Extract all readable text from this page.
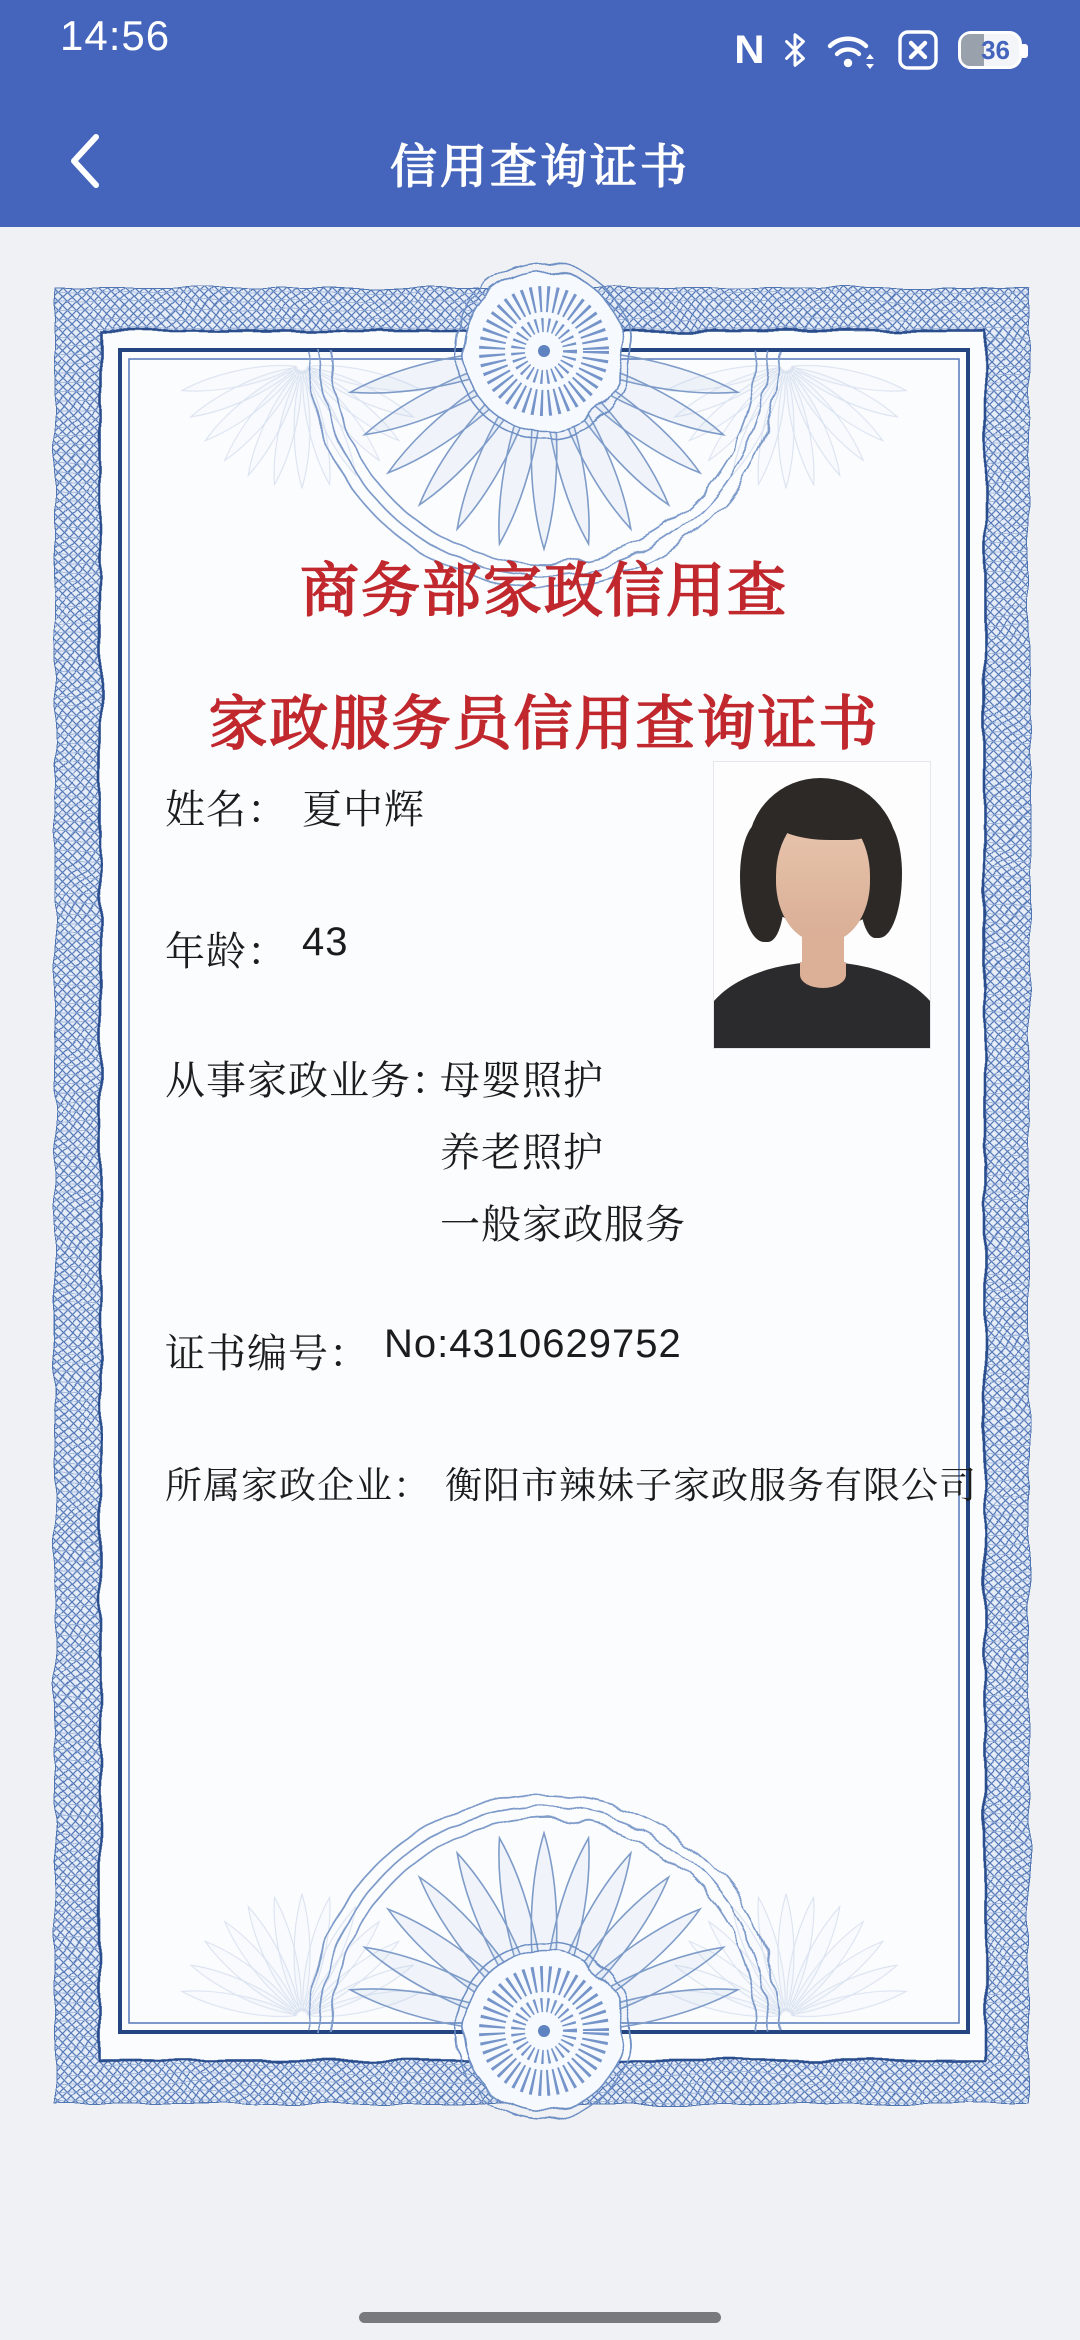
商务部家政信用查
家政服务员信用查询证书
姓名： 夏中辉
年龄： 43
从事家政业务：
母婴照护
养老照护
一般家政服务
证书编号： No:4310629752
所属家政企业： 衡阳市辣妹子家政服务有限公司
14:56	N	36
信用查询证书
